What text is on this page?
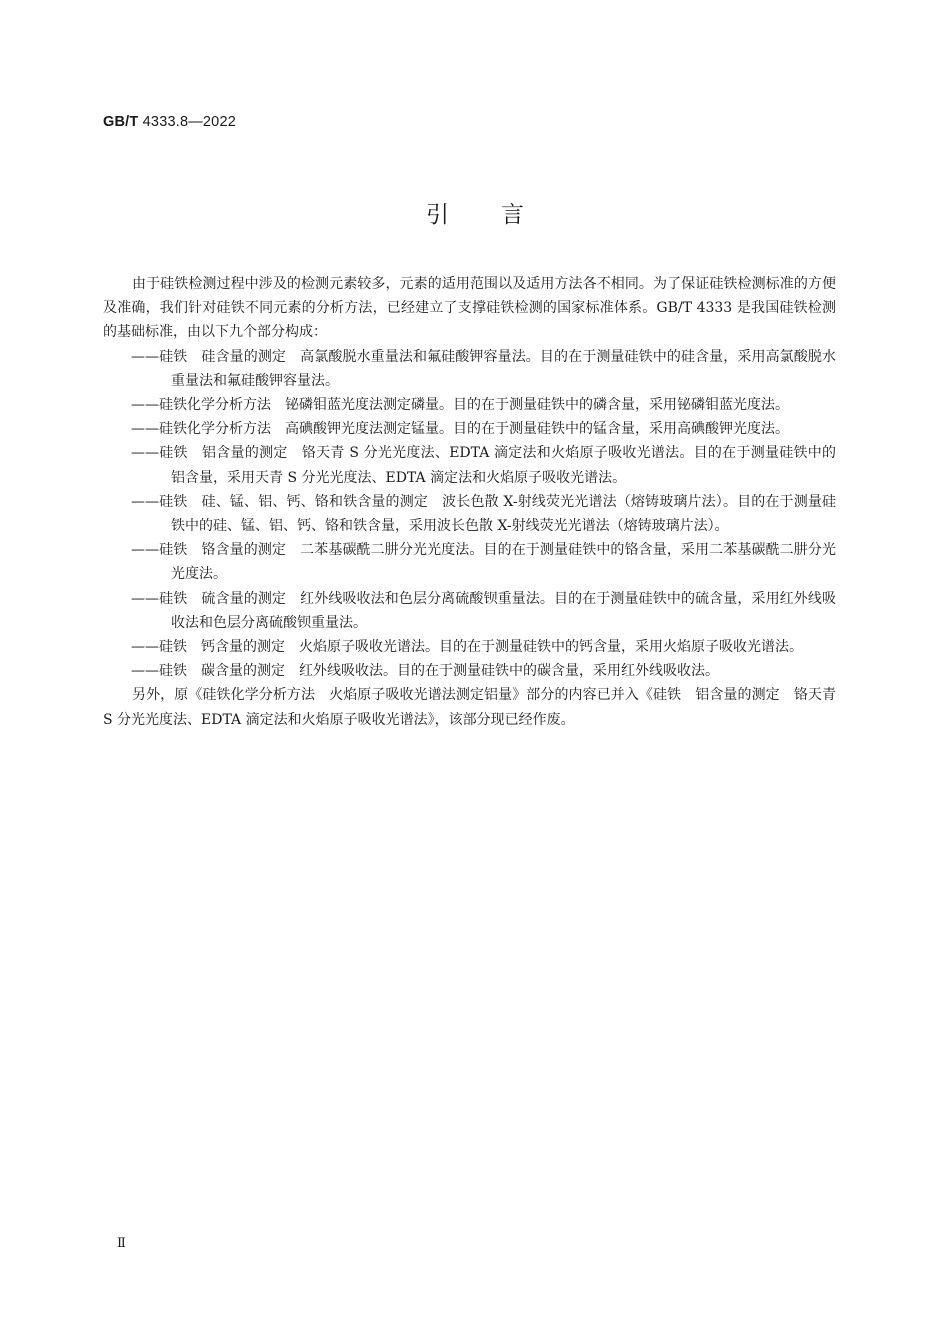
GB/T 4333.8—2022
引言

由于硅铁检测过程中涉及的检测元素较多，元素的适用范围以及适用方法各不相同。为了保证硅铁检测标准的方便及准确，我们针对硅铁不同元素的分析方法，已经建立了支撑硅铁检测的国家标准体系。GB/T 4333 是我国硅铁检测的基础标准，由以下九个部分构成：

——硅铁　硅含量的测定　高氯酸脱水重量法和氟硅酸钾容量法。目的在于测量硅铁中的硅含量，采用高氯酸脱水重量法和氟硅酸钾容量法。

——硅铁化学分析方法　铋磷钼蓝光度法测定磷量。目的在于测量硅铁中的磷含量，采用铋磷钼蓝光度法。

——硅铁化学分析方法　高碘酸钾光度法测定锰量。目的在于测量硅铁中的锰含量，采用高碘酸钾光度法。

——硅铁　铝含量的测定　铬天青 S 分光光度法、EDTA 滴定法和火焰原子吸收光谱法。目的在于测量硅铁中的铝含量，采用天青 S 分光光度法、EDTA 滴定法和火焰原子吸收光谱法。

——硅铁　硅、锰、铝、钙、铬和铁含量的测定　波长色散 X-射线荧光光谱法（熔铸玻璃片法）。目的在于测量硅铁中的硅、锰、铝、钙、铬和铁含量，采用波长色散 X-射线荧光光谱法（熔铸玻璃片法）。

——硅铁　铬含量的测定　二苯基碳酰二肼分光光度法。目的在于测量硅铁中的铬含量，采用二苯基碳酰二肼分光光度法。

——硅铁　硫含量的测定　红外线吸收法和色层分离硫酸钡重量法。目的在于测量硅铁中的硫含量，采用红外线吸收法和色层分离硫酸钡重量法。

——硅铁　钙含量的测定　火焰原子吸收光谱法。目的在于测量硅铁中的钙含量，采用火焰原子吸收光谱法。

——硅铁　碳含量的测定　红外线吸收法。目的在于测量硅铁中的碳含量，采用红外线吸收法。

另外，原《硅铁化学分析方法　火焰原子吸收光谱法测定铝量》部分的内容已并入《硅铁　铝含量的测定　铬天青 S 分光光度法、EDTA 滴定法和火焰原子吸收光谱法》，该部分现已经作废。

Ⅱ
